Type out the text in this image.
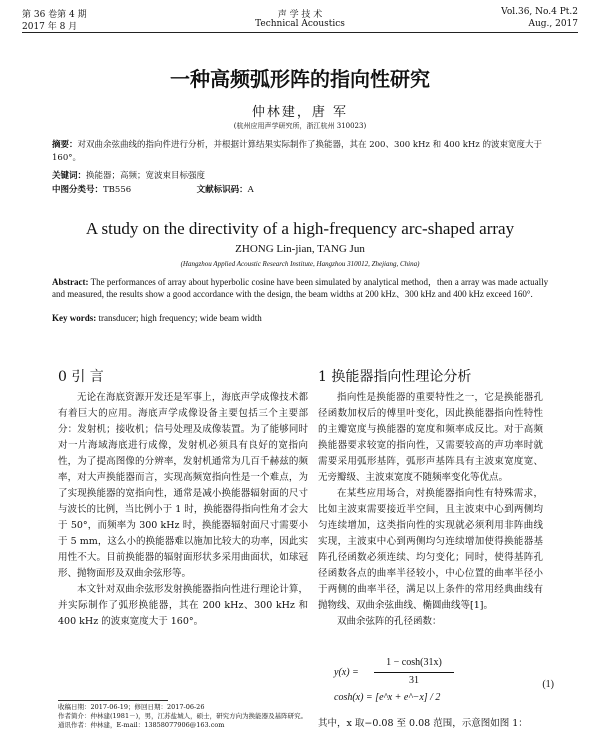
第 36 卷第 4 期	声 学 技 术	Vol.36, No.4 Pt.2
2017 年 8 月	Technical Acoustics	Aug., 2017
一种高频弧形阵的指向性研究
仲林建，唐 军
(杭州应用声学研究所，浙江杭州 310023)
摘要：对双曲余弦曲线的指向件进行分析，并根据计算结果实际制作了换能器，其在 200、300 kHz 和 400 kHz 的波束宽度大于 160°。
关键词：换能器；高频；宽波束目标强度
中图分类号：TB556	文献标识码：A
A study on the directivity of a high-frequency arc-shaped array
ZHONG Lin-jian, TANG Jun
(Hangzhou Applied Acoustic Research Institute, Hangzhou 310012, Zhejiang, China)
Abstract: The performances of array about hyperbolic cosine have been simulated by analytical method，then a array was made actually and measured, the results show a good accordance with the design, the beam widths at 200 kHz、300 kHz and 400 kHz exceed 160°.
Key words: transducer; high frequency; wide beam width
0 引 言

无论在海底资源开发还是军事上，海底声学成像技术都有着巨大的应用。海底声学成像设备主要包括三个主要部分：发射机；接收机；信号处理及成像装置。为了能够同时对一片海域海底进行成像，发射机必须具有良好的宽指向性，为了提高图像的分辨率，发射机通常为几百千赫兹的频率，对大声换能器而言，实现高频宽指向性是一个难点，为了实现换能器的宽指向性，通常是减小换能器辐射面的尺寸与波长的比例，当比例小于 1 时，换能器得指向性角才会大于 50°，而频率为 300 kHz 时，换能器辐射面尺寸需要小于 5 mm，这么小的换能器难以施加比较大的功率，因此实用性不大。目前换能器的辐射面形状多采用曲面状，如球冠形、抛物面形及双曲余弦形等。

本文针对双曲余弦形发射换能器指向性进行理论计算，并实际制作了弧形换能器，其在 200 kHz、300 kHz 和 400 kHz 的波束宽度大于 160°。

收稿日期：2017-06-19；修回日期：2017-06-26
作者简介：仲林建(1981－)，男，江苏盐城人，硕士，研究方向为换能器及基阵研究。
通讯作者：仲林建，E-mail：13858077906@163.com
1 换能器指向性理论分析

指向性是换能器的重要特性之一，它是换能器孔径函数加权后的傅里叶变化，因此换能器指向性特性的主瓣宽度与换能器的宽度和频率成反比。对于高频换能器要求较宽的指向性，又需要较高的声功率时就需要采用弧形基阵，弧形声基阵具有主波束宽度宽、无旁瓣级、主波束宽度不随频率变化等优点。

在某些应用场合，对换能器指向性有特殊需求，比如主波束需要接近半空间，且主波束中心到两侧均匀连续增加，这类指向性的实现就必须利用非阵曲线实现，主波束中心到两侧均匀连续增加使得换能器基阵孔径函数必须连续、均匀变化；同时，使得基阵孔径函数各点的曲率半径较小，中心位置的曲率半径小于两侧的曲率半径，满足以上条件的常用经典曲线有抛物线、双曲余弦曲线、椭圆曲线等[1]。

双曲余弦阵的孔径函数：

y(x) =
1 − cosh(31x)
31	(1)
cosh(x) = [e^x + e^−x] / 2
其中，x 取−0.08 至 0.08 范围，示意图如图 1：
